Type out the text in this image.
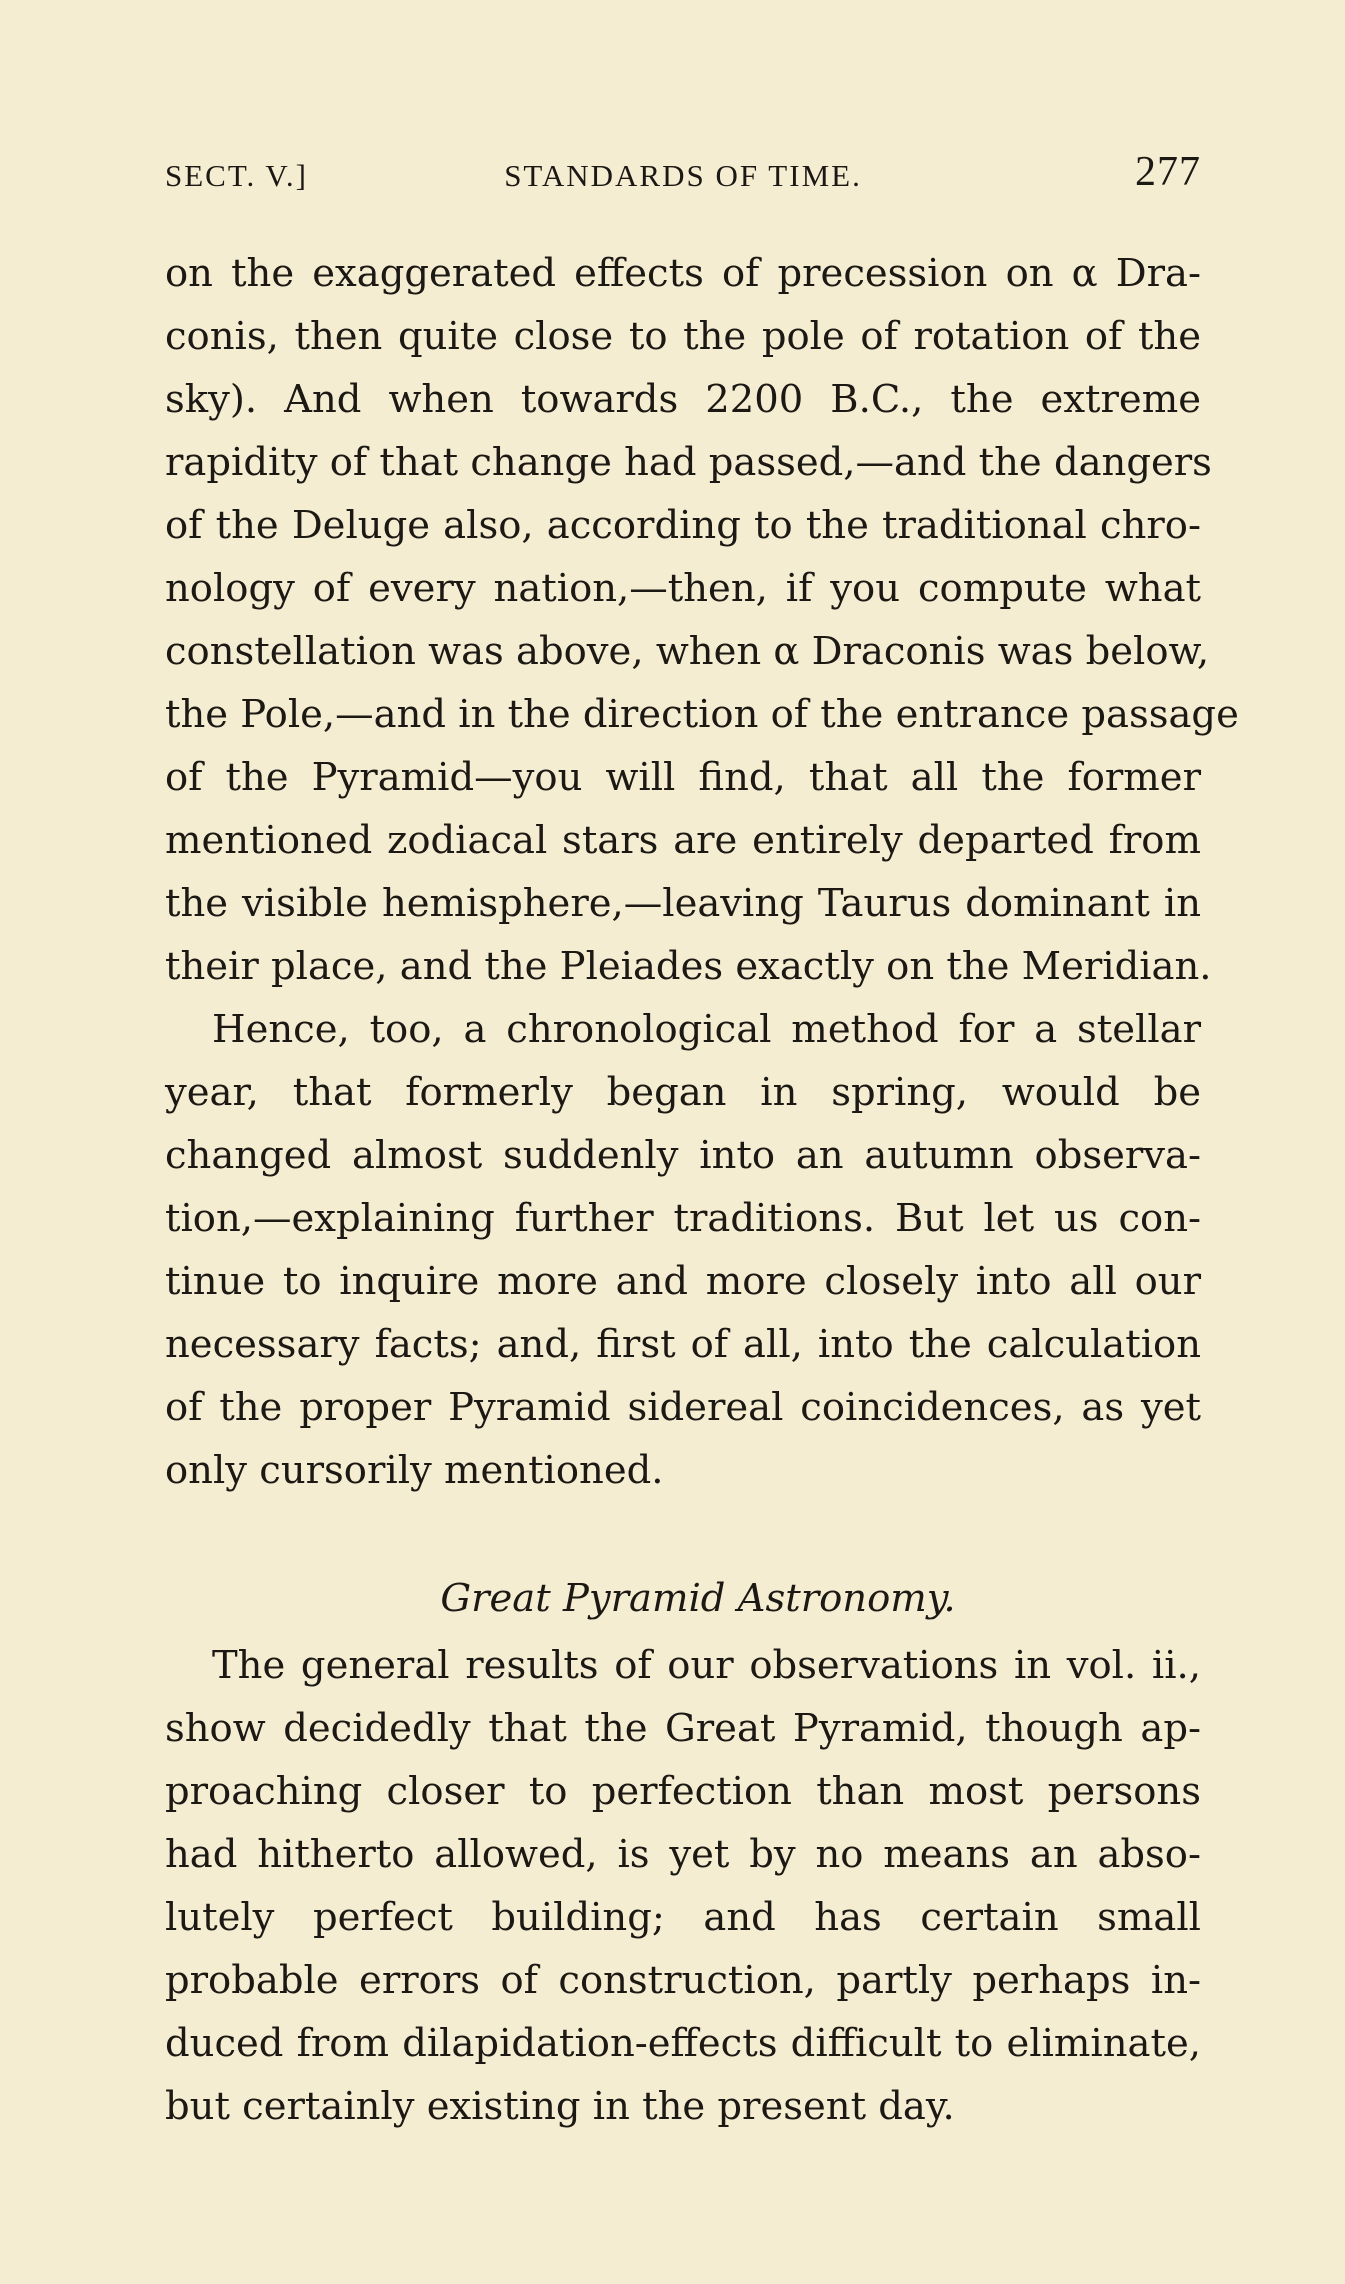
SECT. V.]	STANDARDS OF TIME.	277
on the exaggerated effects of precession on α Dra-
conis, then quite close to the pole of rotation of the
sky). And when towards 2200 B.C., the extreme
rapidity of that change had passed,—and the dangers
of the Deluge also, according to the traditional chro-
nology of every nation,—then, if you compute what
constellation was above, when α Draconis was below,
the Pole,—and in the direction of the entrance passage
of the Pyramid—you will find, that all the former
mentioned zodiacal stars are entirely departed from
the visible hemisphere,—leaving Taurus dominant in
their place, and the Pleiades exactly on the Meridian.
Hence, too, a chronological method for a stellar
year, that formerly began in spring, would be
changed almost suddenly into an autumn observa-
tion,—explaining further traditions. But let us con-
tinue to inquire more and more closely into all our
necessary facts; and, first of all, into the calculation
of the proper Pyramid sidereal coincidences, as yet
only cursorily mentioned.
Great Pyramid Astronomy.
The general results of our observations in vol. ii.,
show decidedly that the Great Pyramid, though ap-
proaching closer to perfection than most persons
had hitherto allowed, is yet by no means an abso-
lutely perfect building; and has certain small
probable errors of construction, partly perhaps in-
duced from dilapidation-effects difficult to eliminate,
but certainly existing in the present day.
